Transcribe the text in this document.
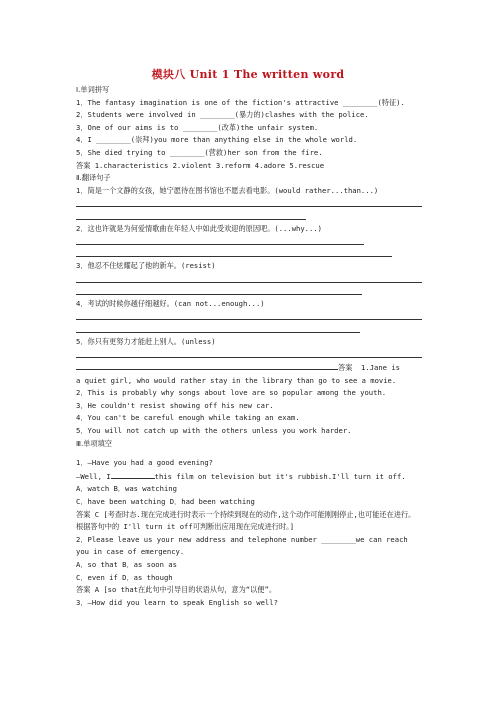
模块八 Unit 1 The written word
Ⅰ.单词拼写
1．The fantasy imagination is one of the fiction's attractive ________(特征).
2．Students were involved in ________(暴力的)clashes with the police.
3．One of our aims is to ________(改革)the unfair system.
4．I ________(崇拜)you more than anything else in the whole world.
5．She died trying to ________(营救)her son from the fire.
答案 1.characteristics 2.violent 3.reform 4.adore 5.rescue
Ⅱ.翻译句子
1．简是一个文静的女孩，她宁愿待在图书馆也不愿去看电影。(would rather...than...)
2．这也许就是为何爱情歌曲在年轻人中如此受欢迎的原因吧。(...why...)
3．他忍不住炫耀起了他的新车。(resist)
4．考试的时候你越仔细越好。(can not...enough...)
5．你只有更努力才能赶上别人。(unless)
答案 1.Jane is
a quiet girl, who would rather stay in the library than go to see a movie.
2．This is probably why songs about love are so popular among the youth.
3．He couldn't resist showing off his new car.
4．You can't be careful enough while taking an exam.
5．You will not catch up with the others unless you work harder.
Ⅲ.单项填空
1．—Have you had a good evening?
—Well, I	this film on television but it's rubbish.I'll turn it off.
A．watch B．was watching
C．have been watching D．had been watching
答案 C [考查时态.现在完成进行时表示一个持续到现在的动作,这个动作可能刚刚停止,也可能还在进行。根据答句中的 I'll turn it off可判断出应用现在完成进行时。]
2．Please leave us your new address and telephone number ________we can reach you in case of emergency.
A．so that B．as soon as
C．even if D．as though
答案 A [so that在此句中引导目的状语从句，意为“以便”。
3．—How did you learn to speak English so well?
